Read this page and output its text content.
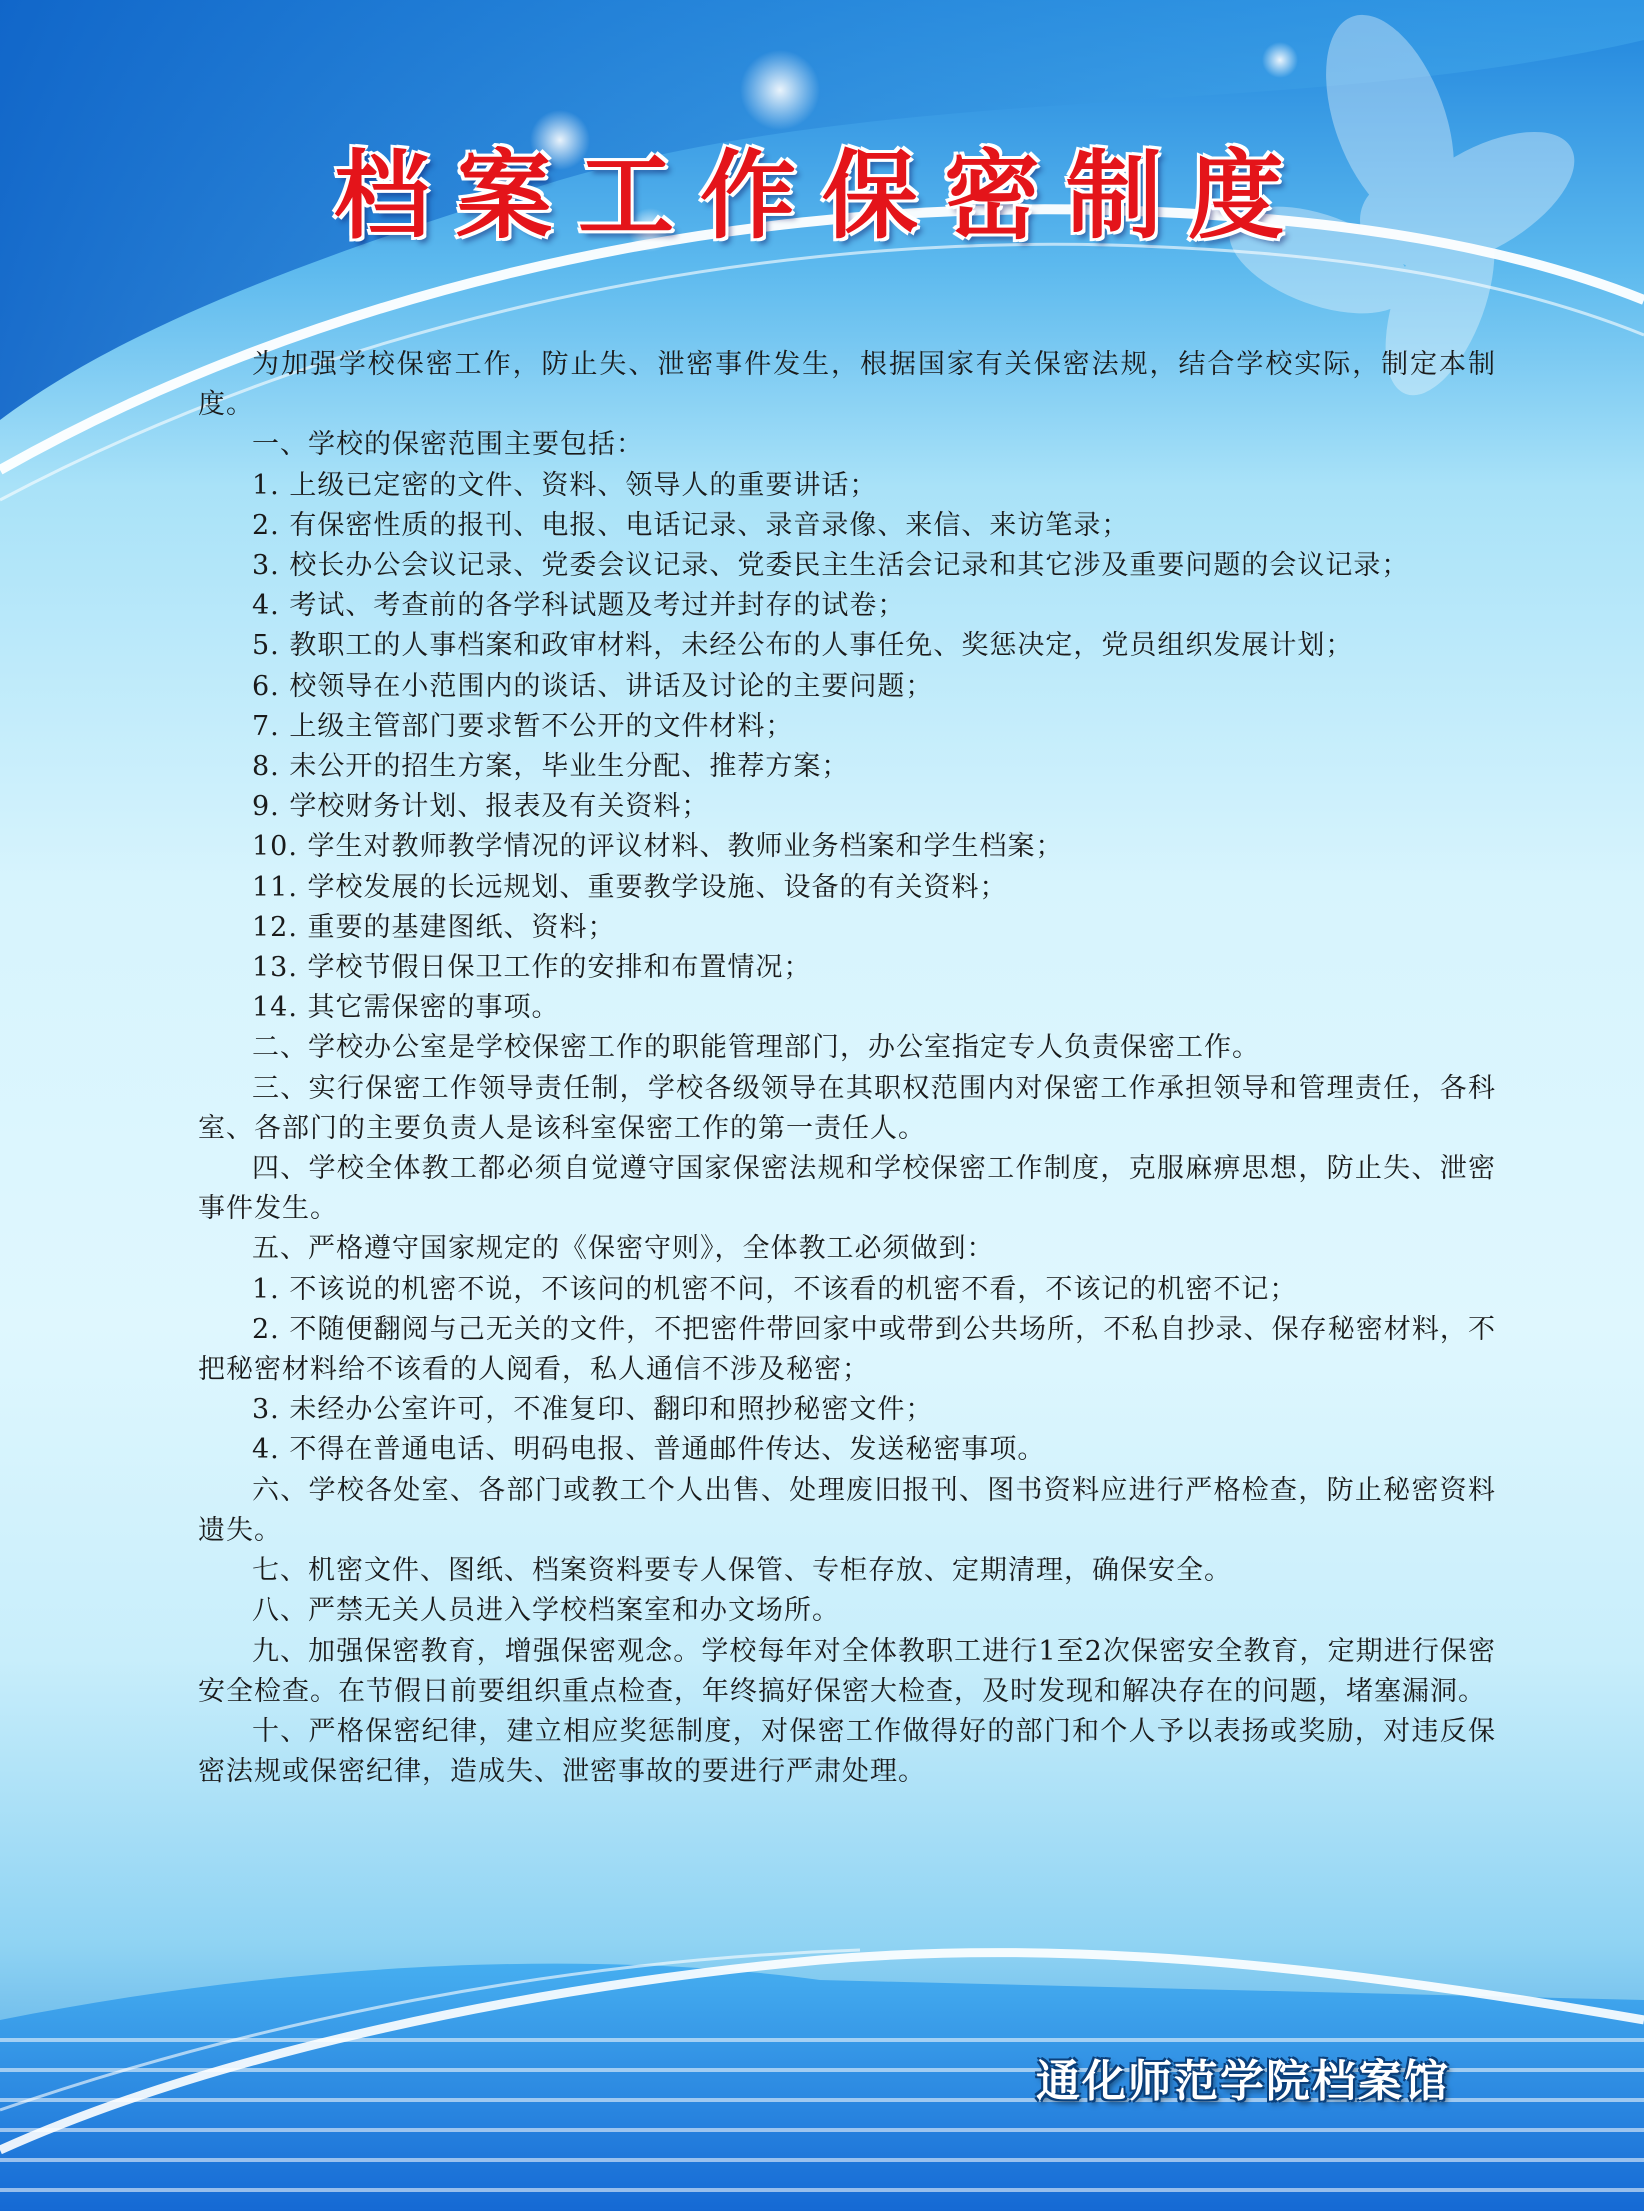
档案工作保密制度

为加强学校保密工作，防止失、泄密事件发生，根据国家有关保密法规，结合学校实际，制定本制度。

一、学校的保密范围主要包括：

1. 上级已定密的文件、资料、领导人的重要讲话；

2. 有保密性质的报刊、电报、电话记录、录音录像、来信、来访笔录；

3. 校长办公会议记录、党委会议记录、党委民主生活会记录和其它涉及重要问题的会议记录；

4. 考试、考查前的各学科试题及考过并封存的试卷；

5. 教职工的人事档案和政审材料，未经公布的人事任免、奖惩决定，党员组织发展计划；

6. 校领导在小范围内的谈话、讲话及讨论的主要问题；

7. 上级主管部门要求暂不公开的文件材料；

8. 未公开的招生方案，毕业生分配、推荐方案；

9. 学校财务计划、报表及有关资料；

10. 学生对教师教学情况的评议材料、教师业务档案和学生档案；

11. 学校发展的长远规划、重要教学设施、设备的有关资料；

12. 重要的基建图纸、资料；

13. 学校节假日保卫工作的安排和布置情况；

14. 其它需保密的事项。

二、学校办公室是学校保密工作的职能管理部门，办公室指定专人负责保密工作。

三、实行保密工作领导责任制，学校各级领导在其职权范围内对保密工作承担领导和管理责任，各科室、各部门的主要负责人是该科室保密工作的第一责任人。

四、学校全体教工都必须自觉遵守国家保密法规和学校保密工作制度，克服麻痹思想，防止失、泄密事件发生。

五、严格遵守国家规定的《保密守则》，全体教工必须做到：

1. 不该说的机密不说，不该问的机密不问，不该看的机密不看，不该记的机密不记；

2. 不随便翻阅与己无关的文件，不把密件带回家中或带到公共场所，不私自抄录、保存秘密材料，不把秘密材料给不该看的人阅看，私人通信不涉及秘密；

3. 未经办公室许可，不准复印、翻印和照抄秘密文件；

4. 不得在普通电话、明码电报、普通邮件传达、发送秘密事项。

六、学校各处室、各部门或教工个人出售、处理废旧报刊、图书资料应进行严格检查，防止秘密资料遗失。

七、机密文件、图纸、档案资料要专人保管、专柜存放、定期清理，确保安全。

八、严禁无关人员进入学校档案室和办文场所。

九、加强保密教育，增强保密观念。学校每年对全体教职工进行1至2次保密安全教育，定期进行保密安全检查。在节假日前要组织重点检查，年终搞好保密大检查，及时发现和解决存在的问题，堵塞漏洞。

十、严格保密纪律，建立相应奖惩制度，对保密工作做得好的部门和个人予以表扬或奖励，对违反保密法规或保密纪律，造成失、泄密事故的要进行严肃处理。

通化师范学院档案馆
